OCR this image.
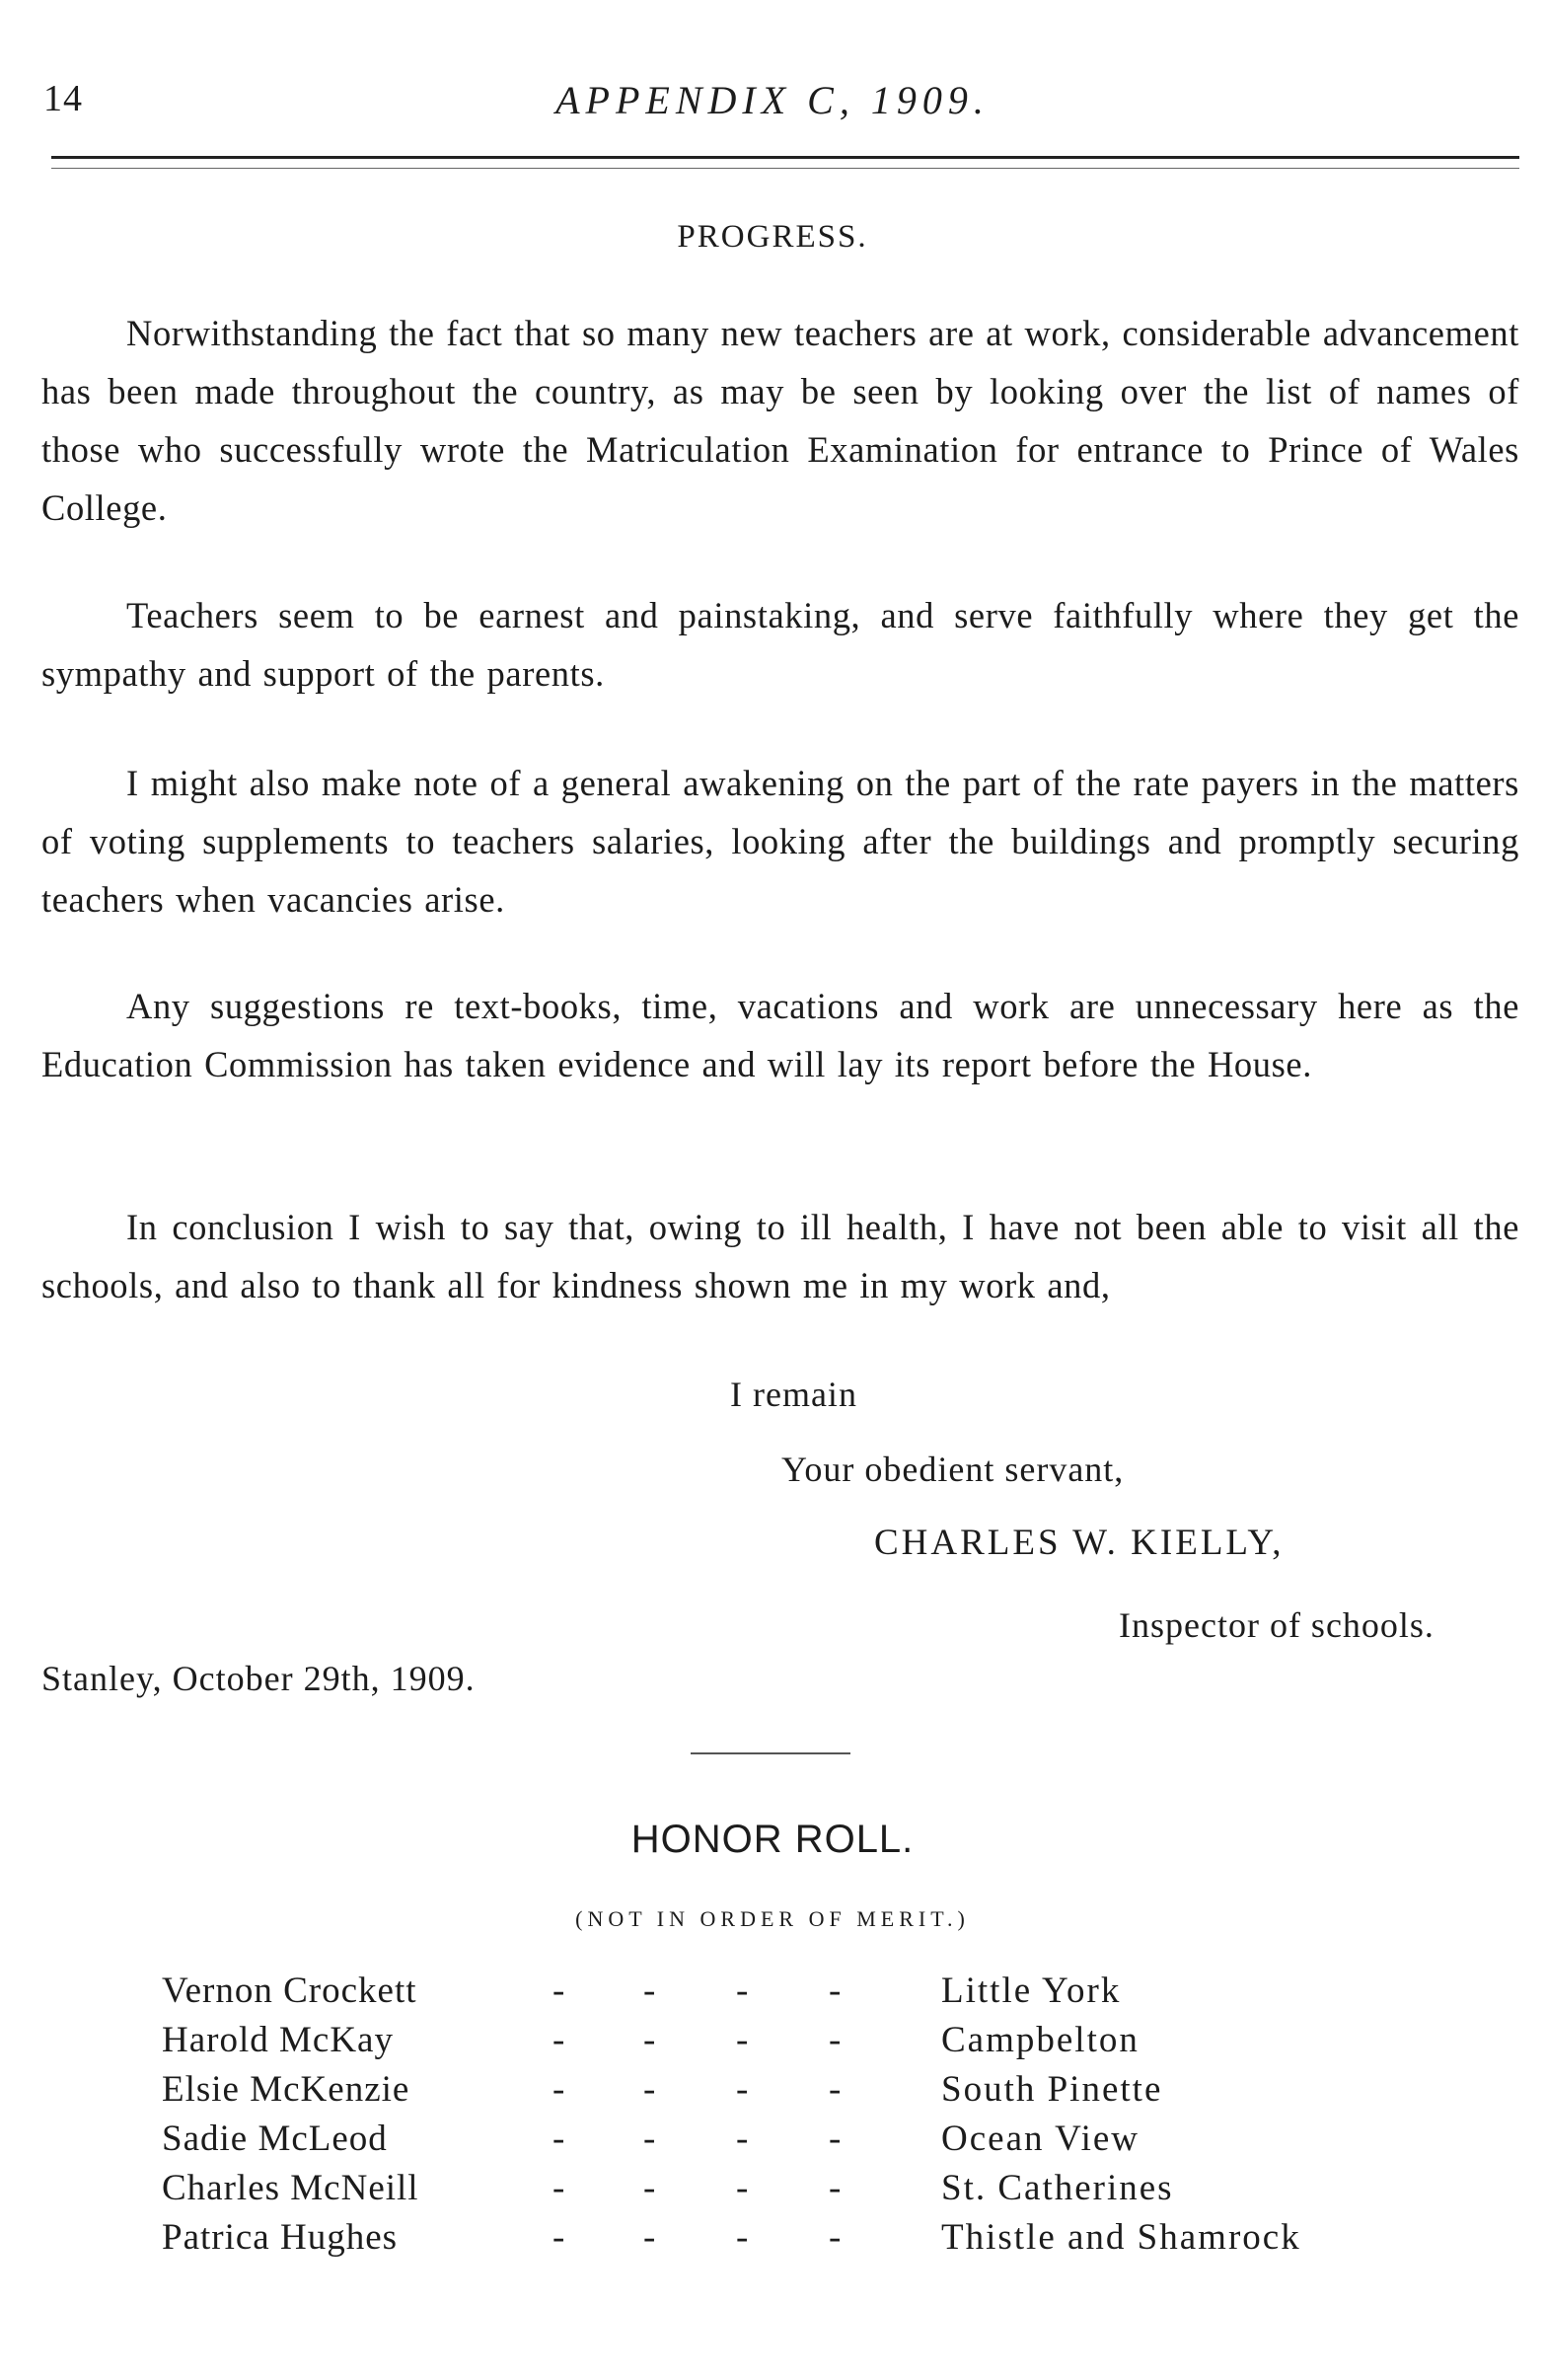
14	APPENDIX C, 1909.
PROGRESS.
Norwithstanding the fact that so many new teachers are at work, considerable advancement has been made throughout the country, as may be seen by looking over the list of names of those who successfully wrote the Matriculation Examination for entrance to Prince of Wales College.
Teachers seem to be earnest and painstaking, and serve faithfully where they get the sympathy and support of the parents.
I might also make note of a general awakening on the part of the rate payers in the matters of voting supplements to teachers salaries, looking after the buildings and promptly securing teachers when vacancies arise.
Any suggestions re text-books, time, vacations and work are unnecessary here as the Education Commission has taken evidence and will lay its report before the House.
In conclusion I wish to say that, owing to ill health, I have not been able to visit all the schools, and also to thank all for kindness shown me in my work and,
I remain
Your obedient servant,
CHARLES W. KIELLY,
Inspector of schools.
Stanley, October 29th, 1909.
HONOR ROLL.
(NOT IN ORDER OF MERIT.)
Vernon Crockett	- - - -	Little York
Harold McKay	- - - -	Campbelton
Elsie McKenzie	- - - -	South Pinette
Sadie McLeod	- - - -	Ocean View
Charles McNeill	- - - -	St. Catherines
Patrica Hughes	- - - -	Thistle and Shamrock
